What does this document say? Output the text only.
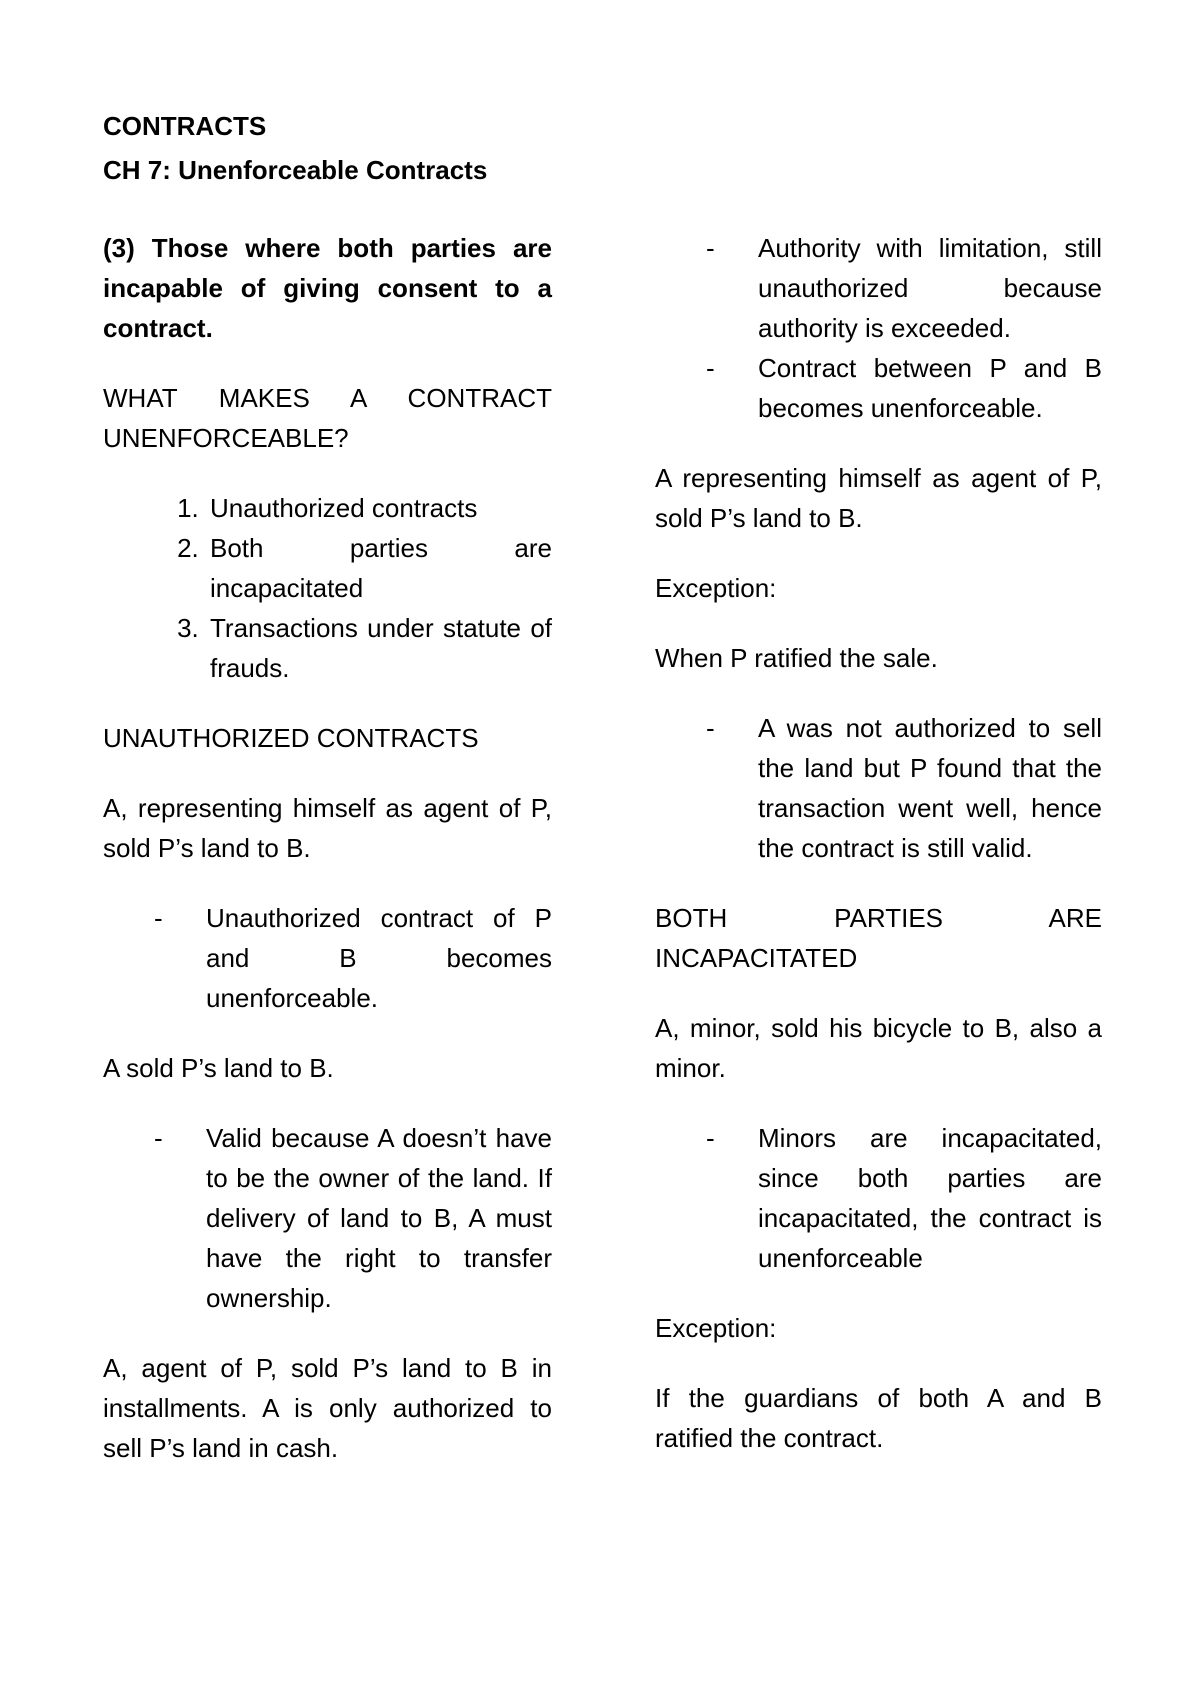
CONTRACTS
CH 7: Unenforceable Contracts

(3) Those where both parties are incapable of giving consent to a contract.

WHAT MAKES A CONTRACT UNENFORCEABLE?

1. Unauthorized contracts
2. Both parties are incapacitated
3. Transactions under statute of frauds.

UNAUTHORIZED CONTRACTS

A, representing himself as agent of P, sold P’s land to B.

- Unauthorized contract of P and B becomes unenforceable.

A sold P’s land to B.

- Valid because A doesn’t have to be the owner of the land. If delivery of land to B, A must have the right to transfer ownership.

A, agent of P, sold P’s land to B in installments. A is only authorized to sell P’s land in cash.

- Authority with limitation, still unauthorized because authority is exceeded.
- Contract between P and B becomes unenforceable.

A representing himself as agent of P, sold P’s land to B.

Exception:

When P ratified the sale.

- A was not authorized to sell the land but P found that the transaction went well, hence the contract is still valid.

BOTH PARTIES ARE INCAPACITATED

A, minor, sold his bicycle to B, also a minor.

- Minors are incapacitated, since both parties are incapacitated, the contract is unenforceable

Exception:

If the guardians of both A and B ratified the contract.
